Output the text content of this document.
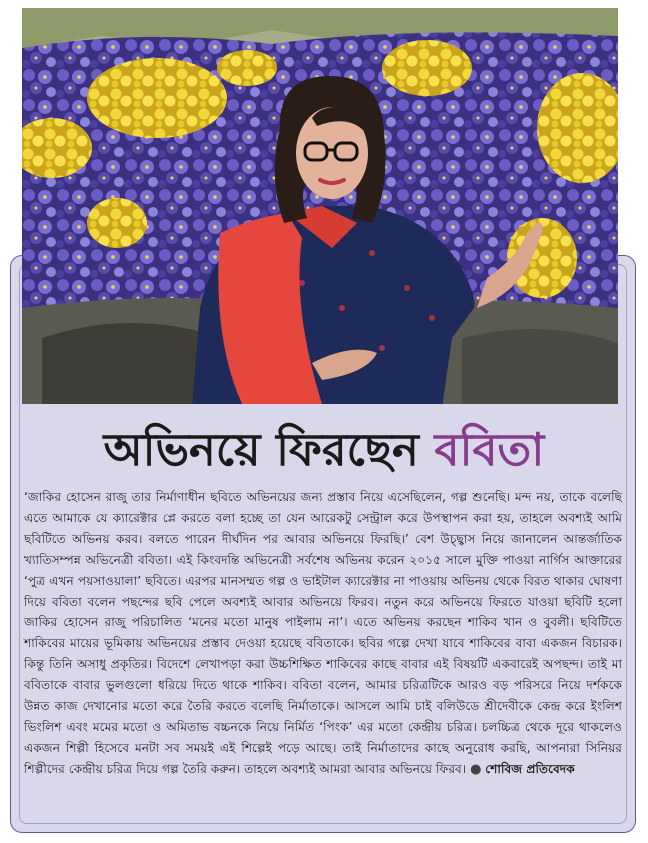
অভিনয়ে ফিরছেন ববিতা
‘জাকির হোসেন রাজু তার নির্মাণাধীন ছবিতে অভিনয়ের জন্য প্রস্তাব নিয়ে এসেছিলেন, গল্প শুনেছি। মন্দ নয়, তাকে বলেছি এতে আমাকে যে ক্যারেক্টার প্লে করতে বলা হচ্ছে তা যেন আরেকটু সেন্ট্রাল করে উপস্থাপন করা হয়, তাহলে অবশ্যই আমি ছবিটিতে অভিনয় করব। বলতে পারেন দীর্ঘদিন পর আবার অভিনয়ে ফিরছি।’ বেশ উচ্ছ্বাস নিয়ে জানালেন আন্তর্জাতিক খ্যাতিসম্পন্ন অভিনেত্রী ববিতা। এই কিংবদন্তি অভিনেত্রী সর্বশেষ অভিনয় করেন ২০১৫ সালে মুক্তি পাওয়া নার্গিস আক্তারের ‘পুত্র এখন পয়সাওয়ালা’ ছবিতে। এরপর মানসম্মত গল্প ও ভাইটাল ক্যারেক্টার না পাওয়ায় অভিনয় থেকে বিরত থাকার ঘোষণা দিয়ে ববিতা বলেন পছন্দের ছবি পেলে অবশ্যই আবার অভিনয়ে ফিরব। নতুন করে অভিনয়ে ফিরতে যাওয়া ছবিটি হলো জাকির হোসেন রাজু পরিচালিত ‘মনের মতো মানুষ পাইলাম না’। এতে অভিনয় করছেন শাকিব খান ও বুবলী। ছবিটিতে শাকিবের মায়ের ভূমিকায় অভিনয়ের প্রস্তাব দেওয়া হয়েছে ববিতাকে। ছবির গল্পে দেখা যাবে শাকিবের বাবা একজন বিচারক। কিন্তু তিনি অসাধু প্রকৃতির। বিদেশে লেখাপড়া করা উচ্চশিক্ষিত শাকিবের কাছে বাবার এই বিষয়টি একবারেই অপছন্দ। তাই মা ববিতাকে বাবার ভুলগুলো ধরিয়ে দিতে থাকে শাকিব। ববিতা বলেন, আমার চরিত্রটিকে আরও বড় পরিসরে নিয়ে দর্শককে উন্নত কাজ দেখানোর মতো করে তৈরি করতে বলেছি নির্মাতাকে। আসলে আমি চাই বলিউডে শ্রীদেবীকে কেন্দ্র করে ইংলিশ ভিংলিশ এবং মমের মতো ও অমিতাভ বচ্চনকে নিয়ে নির্মিত ‘পিংক’ এর মতো কেন্দ্রীয় চরিত্র। চলচ্চিত্র থেকে দূরে থাকলেও একজন শিল্পী হিসেবে মনটা সব সময়ই এই শিল্পেই পড়ে আছে। তাই নির্মাতাদের কাছে অনুরোধ করছি, আপনারা সিনিয়র শিল্পীদের কেন্দ্রীয় চরিত্র দিয়ে গল্প তৈরি করুন। তাহলে অবশ্যই আমরা আবার অভিনয়ে ফিরব। ● শোবিজ প্রতিবেদক
